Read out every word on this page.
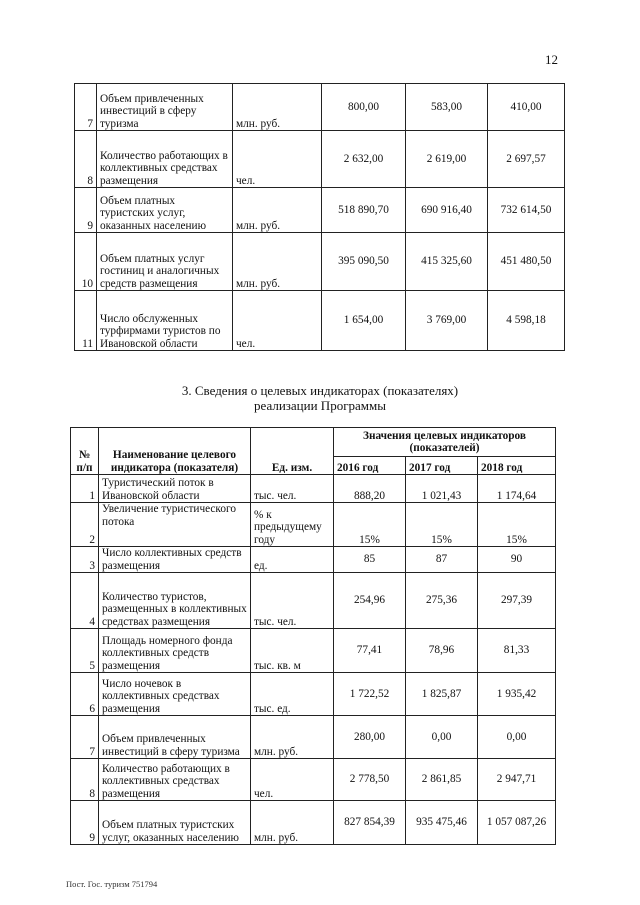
12
7	Объем привлеченных инвестиций в сферу туризма	млн. руб.	800,00	583,00	410,00
8	Количество работающих в коллективных средствах размещения	чел.	2 632,00	2 619,00	2 697,57
9	Объем платных туристских услуг, оказанных населению	млн. руб.	518 890,70	690 916,40	732 614,50
10	Объем платных услуг гостиниц и аналогичных средств размещения	млн. руб.	395 090,50	415 325,60	451 480,50
11	Число обслуженных турфирмами туристов по Ивановской области	чел.	1 654,00	3 769,00	4 598,18
3. Сведения о целевых индикаторах (показателях)
реализации Программы
№ п/п	Наименование целевого индикатора (показателя)	Ед. изм.	Значения целевых индикаторов (показателей)		
			2016 год	2017 год	2018 год
1	Туристический поток в Ивановской области	тыс. чел.	888,20	1 021,43	1 174,64
2	Увеличение туристического потока	% к предыдущему году	15%	15%	15%
3	Число коллективных средств размещения	ед.	85	87	90
4	Количество туристов, размещенных в коллективных средствах размещения	тыс. чел.	254,96	275,36	297,39
5	Площадь номерного фонда коллективных средств размещения	тыс. кв. м	77,41	78,96	81,33
6	Число ночевок в коллективных средствах размещения	тыс. ед.	1 722,52	1 825,87	1 935,42
7	Объем привлеченных инвестиций в сферу туризма	млн. руб.	280,00	0,00	0,00
8	Количество работающих в коллективных средствах размещения	чел.	2 778,50	2 861,85	2 947,71
9	Объем платных туристских услуг, оказанных населению	млн. руб.	827 854,39	935 475,46	1 057 087,26
Пост. Гос. туризм 751794
